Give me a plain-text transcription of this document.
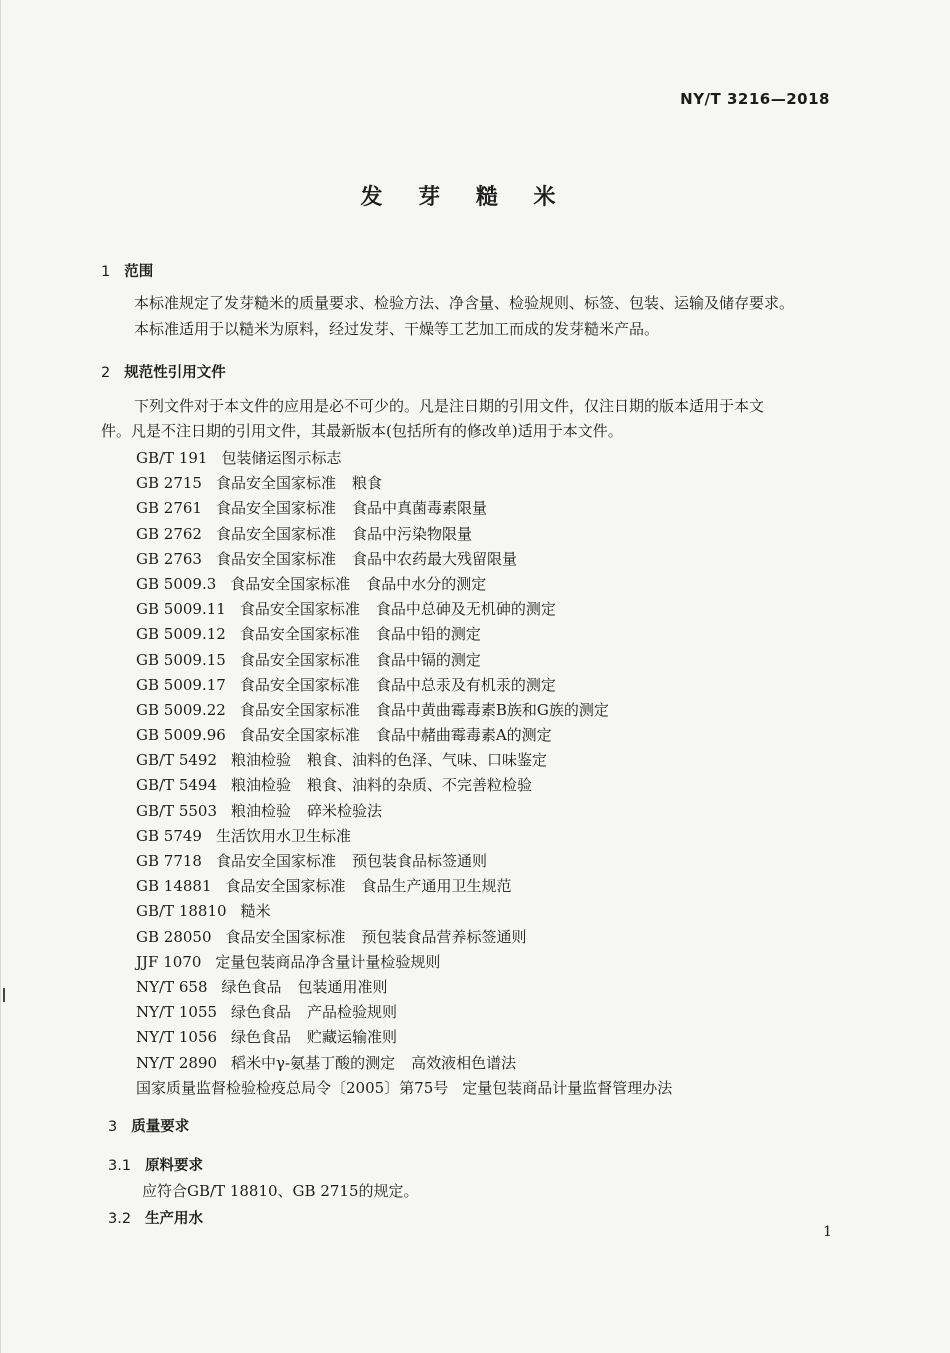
NY/T 3216—2018
发 芽 糙 米
1 范围
本标准规定了发芽糙米的质量要求、检验方法、净含量、检验规则、标签、包装、运输及储存要求。
本标准适用于以糙米为原料，经过发芽、干燥等工艺加工而成的发芽糙米产品。
2 规范性引用文件
下列文件对于本文件的应用是必不可少的。凡是注日期的引用文件，仅注日期的版本适用于本文
件。凡是不注日期的引用文件，其最新版本(包括所有的修改单)适用于本文件。
GB/T 191 包装储运图示标志
GB 2715 食品安全国家标准 粮食
GB 2761 食品安全国家标准 食品中真菌毒素限量
GB 2762 食品安全国家标准 食品中污染物限量
GB 2763 食品安全国家标准 食品中农药最大残留限量
GB 5009.3 食品安全国家标准 食品中水分的测定
GB 5009.11 食品安全国家标准 食品中总砷及无机砷的测定
GB 5009.12 食品安全国家标准 食品中铅的测定
GB 5009.15 食品安全国家标准 食品中镉的测定
GB 5009.17 食品安全国家标准 食品中总汞及有机汞的测定
GB 5009.22 食品安全国家标准 食品中黄曲霉毒素B族和G族的测定
GB 5009.96 食品安全国家标准 食品中赭曲霉毒素A的测定
GB/T 5492 粮油检验 粮食、油料的色泽、气味、口味鉴定
GB/T 5494 粮油检验 粮食、油料的杂质、不完善粒检验
GB/T 5503 粮油检验 碎米检验法
GB 5749 生活饮用水卫生标准
GB 7718 食品安全国家标准 预包装食品标签通则
GB 14881 食品安全国家标准 食品生产通用卫生规范
GB/T 18810 糙米
GB 28050 食品安全国家标准 预包装食品营养标签通则
JJF 1070 定量包装商品净含量计量检验规则
NY/T 658 绿色食品 包装通用准则
NY/T 1055 绿色食品 产品检验规则
NY/T 1056 绿色食品 贮藏运输准则
NY/T 2890 稻米中γ-氨基丁酸的测定 高效液相色谱法
国家质量监督检验检疫总局令〔2005〕第75号 定量包装商品计量监督管理办法
3 质量要求
3.1 原料要求
应符合GB/T 18810、GB 2715的规定。
3.2 生产用水
1
